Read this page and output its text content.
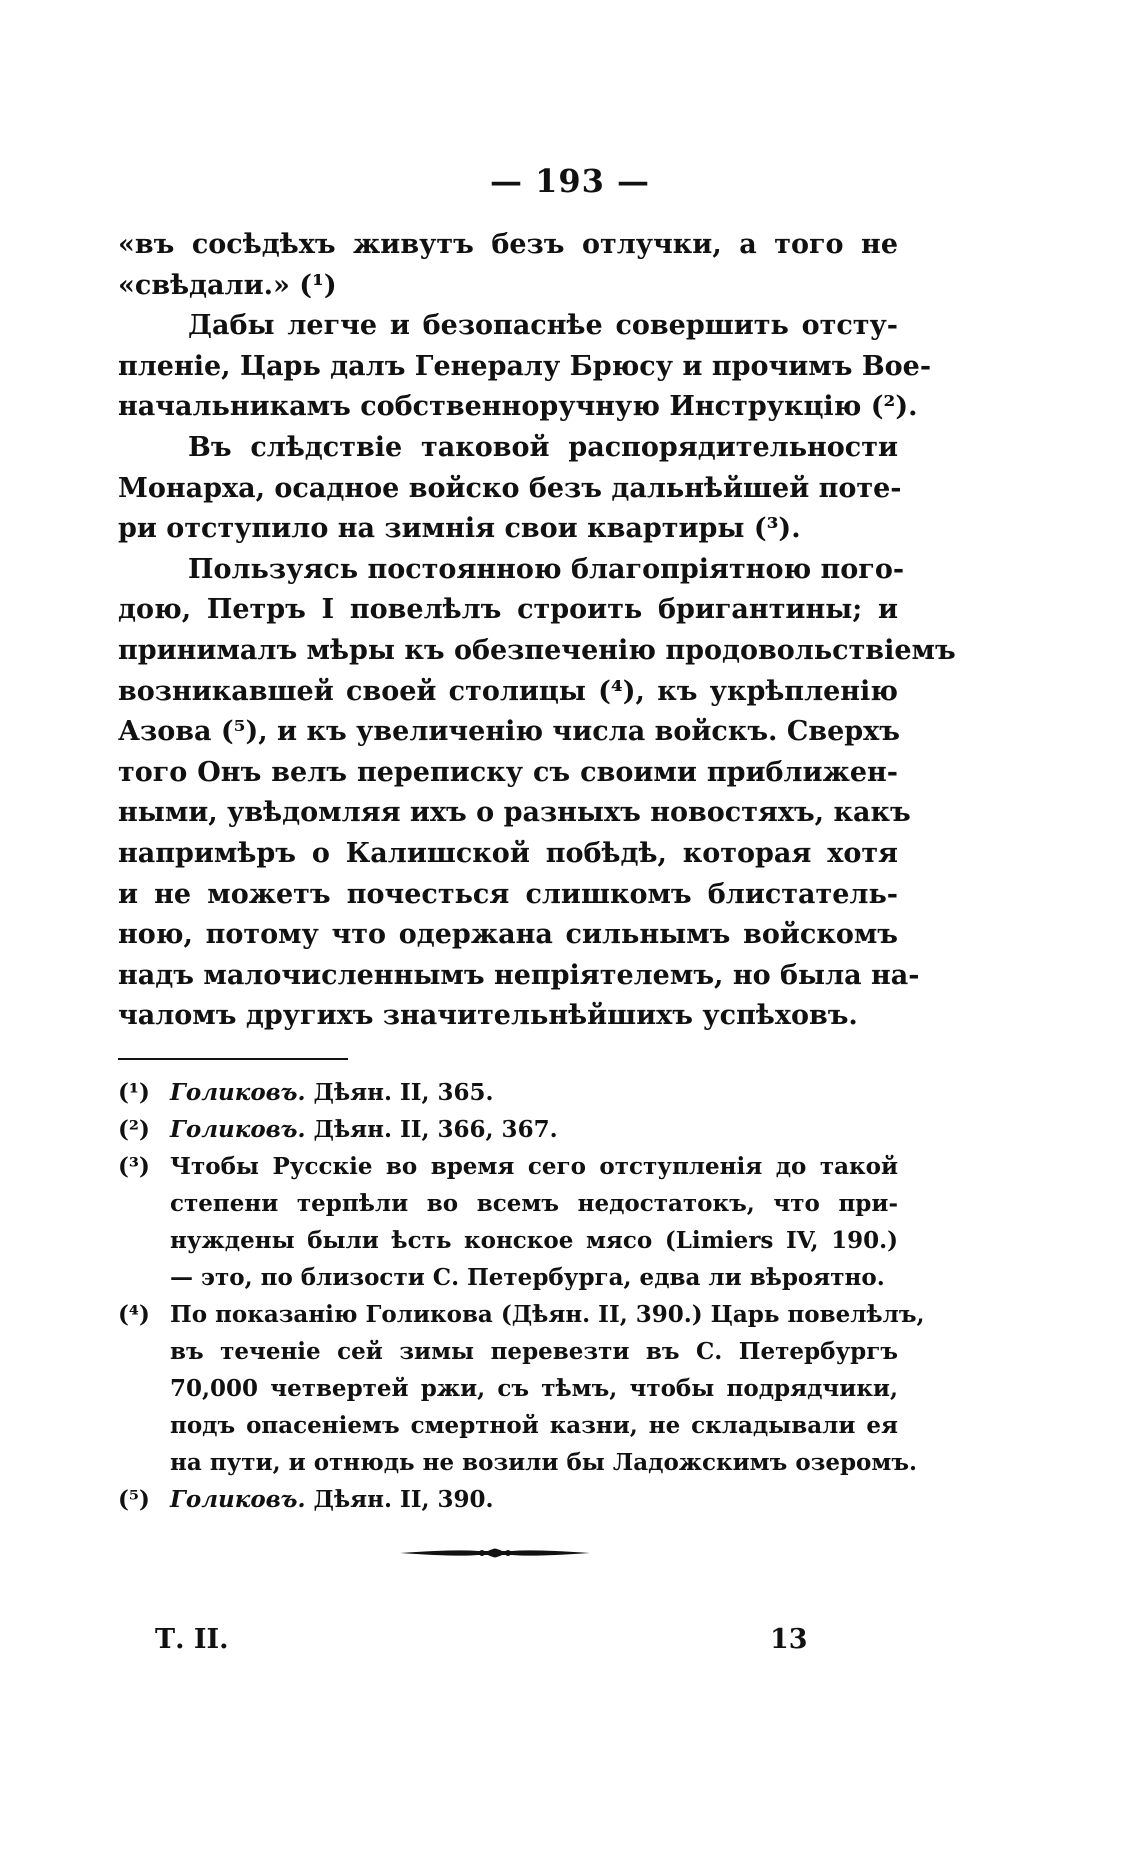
— 193 —
«въ сосѣдѣхъ живутъ безъ отлучки, а того не
«свѣдали.» (¹)
Дабы легче и безопаснѣе совершить отсту-
пленіе, Царь далъ Генералу Брюсу и прочимъ Вое-
начальникамъ собственноручную Инструкцію (²).
Въ слѣдствіе таковой распорядительности
Монарха, осадное войско безъ дальнѣйшей поте-
ри отступило на зимнія свои квартиры (³).
Пользуясь постоянною благопріятною пого-
дою, Петръ I повелѣлъ строить бригантины; и
принималъ мѣры къ обезпеченію продовольствіемъ
возникавшей своей столицы (⁴), къ укрѣпленію
Азова (⁵), и къ увеличенію числа войскъ. Сверхъ
того Онъ велъ переписку съ своими приближен-
ными, увѣдомляя ихъ о разныхъ новостяхъ, какъ
напримѣръ о Калишской побѣдѣ, которая хотя
и не можетъ почесться слишкомъ блистатель-
ною, потому что одержана сильнымъ войскомъ
надъ малочисленнымъ непріятелемъ, но была на-
чаломъ другихъ значительнѣйшихъ успѣховъ.
(¹) Голиковъ. Дѣян. II, 365.
(²) Голиковъ. Дѣян. II, 366, 367.
(³) Чтобы Русскіе во время сего отступленія до такой
степени терпѣли во всемъ недостатокъ, что при-
нуждены были ѣсть конское мясо (Limiers IV, 190.)
— это, по близости С. Петербурга, едва ли вѣроятно.
(⁴) По показанію Голикова (Дѣян. II, 390.) Царь повелѣлъ,
въ теченіе сей зимы перевезти въ С. Петербургъ
70,000 четвертей ржи, съ тѣмъ, чтобы подрядчики,
подъ опасеніемъ смертной казни, не складывали ея
на пути, и отнюдь не возили бы Ладожскимъ озеромъ.
(⁵) Голиковъ. Дѣян. II, 390.
Т. II.	13
